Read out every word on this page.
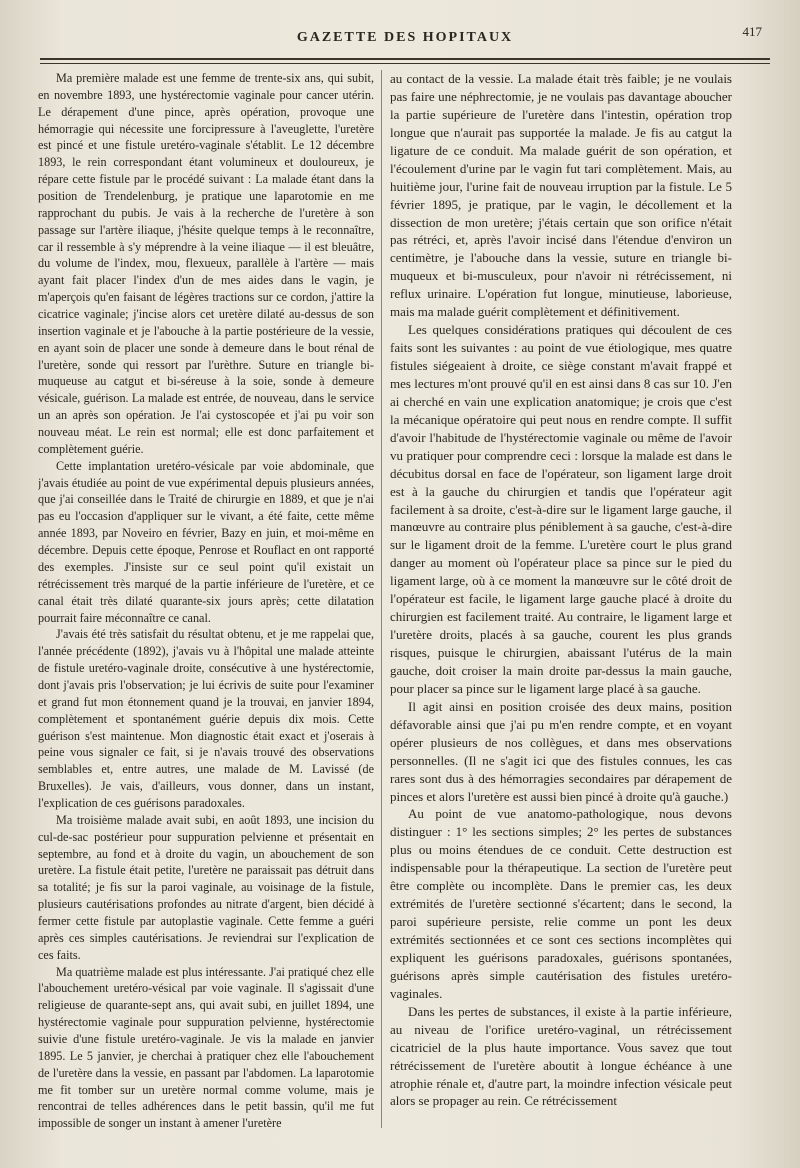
GAZETTE DES HOPITAUX	417

Ma première malade est une femme de trente-six ans, qui subit, en novembre 1893, une hystérectomie vaginale pour cancer utérin. Le dérapement d'une pince, après opération, provoque une hémorragie qui nécessite une forcipressure à l'aveuglette, l'uretère est pincé et une fistule uretéro-vaginale s'établit. Le 12 décembre 1893, le rein correspondant étant volumineux et douloureux, je répare cette fistule par le procédé suivant : La malade étant dans la position de Trendelenburg, je pratique une laparotomie en me rapprochant du pubis. Je vais à la recherche de l'uretère à son passage sur l'artère iliaque, j'hésite quelque temps à le reconnaître, car il ressemble à s'y méprendre à la veine iliaque — il est bleuâtre, du volume de l'index, mou, flexueux, parallèle à l'artère — mais ayant fait placer l'index d'un de mes aides dans le vagin, je m'aperçois qu'en faisant de légères tractions sur ce cordon, j'attire la cicatrice vaginale; j'incise alors cet uretère dilaté au-dessus de son insertion vaginale et je l'abouche à la partie postérieure de la vessie, en ayant soin de placer une sonde à demeure dans le bout rénal de l'uretère, sonde qui ressort par l'urèthre. Suture en triangle bi-muqueuse au catgut et bi-séreuse à la soie, sonde à demeure vésicale, guérison. La malade est entrée, de nouveau, dans le service un an après son opération. Je l'ai cystoscopée et j'ai pu voir son nouveau méat. Le rein est normal; elle est donc parfaitement et complètement guérie.

Cette implantation uretéro-vésicale par voie abdominale, que j'avais étudiée au point de vue expérimental depuis plusieurs années, que j'ai conseillée dans le Traité de chirurgie en 1889, et que je n'ai pas eu l'occasion d'appliquer sur le vivant, a été faite, cette même année 1893, par Noveiro en février, Bazy en juin, et moi-même en décembre. Depuis cette époque, Penrose et Rouflact en ont rapporté des exemples. J'insiste sur ce seul point qu'il existait un rétrécissement très marqué de la partie inférieure de l'uretère, et ce canal était très dilaté quarante-six jours après; cette dilatation pourrait faire méconnaître ce canal.

J'avais été très satisfait du résultat obtenu, et je me rappelai que, l'année précédente (1892), j'avais vu à l'hôpital une malade atteinte de fistule uretéro-vaginale droite, consécutive à une hystérectomie, dont j'avais pris l'observation; je lui écrivis de suite pour l'examiner et grand fut mon étonnement quand je la trouvai, en janvier 1894, complètement et spontanément guérie depuis dix mois. Cette guérison s'est maintenue. Mon diagnostic était exact et j'oserais à peine vous signaler ce fait, si je n'avais trouvé des observations semblables et, entre autres, une malade de M. Lavissé (de Bruxelles). Je vais, d'ailleurs, vous donner, dans un instant, l'explication de ces guérisons paradoxales.

Ma troisième malade avait subi, en août 1893, une incision du cul-de-sac postérieur pour suppuration pelvienne et présentait en septembre, au fond et à droite du vagin, un abouchement de son uretère. La fistule était petite, l'uretère ne paraissait pas détruit dans sa totalité; je fis sur la paroi vaginale, au voisinage de la fistule, plusieurs cautérisations profondes au nitrate d'argent, bien décidé à fermer cette fistule par autoplastie vaginale. Cette femme a guéri après ces simples cautérisations. Je reviendrai sur l'explication de ces faits.

Ma quatrième malade est plus intéressante. J'ai pratiqué chez elle l'abouchement uretéro-vésical par voie vaginale. Il s'agissait d'une religieuse de quarante-sept ans, qui avait subi, en juillet 1894, une hystérectomie vaginale pour suppuration pelvienne, hystérectomie suivie d'une fistule uretéro-vaginale. Je vis la malade en janvier 1895. Le 5 janvier, je cherchai à pratiquer chez elle l'abouchement de l'uretère dans la vessie, en passant par l'abdomen. La laparotomie me fit tomber sur un uretère normal comme volume, mais je rencontrai de telles adhérences dans le petit bassin, qu'il me fut impossible de songer un instant à amener l'uretère

au contact de la vessie. La malade était très faible; je ne voulais pas faire une néphrectomie, je ne voulais pas davantage aboucher la partie supérieure de l'uretère dans l'intestin, opération trop longue que n'aurait pas supportée la malade. Je fis au catgut la ligature de ce conduit. Ma malade guérit de son opération, et l'écoulement d'urine par le vagin fut tari complètement. Mais, au huitième jour, l'urine fait de nouveau irruption par la fistule. Le 5 février 1895, je pratique, par le vagin, le décollement et la dissection de mon uretère; j'étais certain que son orifice n'était pas rétréci, et, après l'avoir incisé dans l'étendue d'environ un centimètre, je l'abouche dans la vessie, suture en triangle bi-muqueux et bi-musculeux, pour n'avoir ni rétrécissement, ni reflux urinaire. L'opération fut longue, minutieuse, laborieuse, mais ma malade guérit complètement et définitivement.

Les quelques considérations pratiques qui découlent de ces faits sont les suivantes : au point de vue étiologique, mes quatre fistules siégeaient à droite, ce siège constant m'avait frappé et mes lectures m'ont prouvé qu'il en est ainsi dans 8 cas sur 10. J'en ai cherché en vain une explication anatomique; je crois que c'est la mécanique opératoire qui peut nous en rendre compte. Il suffit d'avoir l'habitude de l'hystérectomie vaginale ou même de l'avoir vu pratiquer pour comprendre ceci : lorsque la malade est dans le décubitus dorsal en face de l'opérateur, son ligament large droit est à la gauche du chirurgien et tandis que l'opérateur agit facilement à sa droite, c'est-à-dire sur le ligament large gauche, il manœuvre au contraire plus péniblement à sa gauche, c'est-à-dire sur le ligament droit de la femme. L'uretère court le plus grand danger au moment où l'opérateur place sa pince sur le pied du ligament large, où à ce moment la manœuvre sur le côté droit de l'opérateur est facile, le ligament large gauche placé à droite du chirurgien est facilement traité. Au contraire, le ligament large et l'uretère droits, placés à sa gauche, courent les plus grands risques, puisque le chirurgien, abaissant l'utérus de la main gauche, doit croiser la main droite par-dessus la main gauche, pour placer sa pince sur le ligament large placé à sa gauche.

Il agit ainsi en position croisée des deux mains, position défavorable ainsi que j'ai pu m'en rendre compte, et en voyant opérer plusieurs de nos collègues, et dans mes observations personnelles. (Il ne s'agit ici que des fistules connues, les cas rares sont dus à des hémorragies secondaires par dérapement de pinces et alors l'uretère est aussi bien pincé à droite qu'à gauche.)

Au point de vue anatomo-pathologique, nous devons distinguer : 1° les sections simples; 2° les pertes de substances plus ou moins étendues de ce conduit. Cette destruction est indispensable pour la thérapeutique. La section de l'uretère peut être complète ou incomplète. Dans le premier cas, les deux extrémités de l'uretère sectionné s'écartent; dans le second, la paroi supérieure persiste, relie comme un pont les deux extrémités sectionnées et ce sont ces sections incomplètes qui expliquent les guérisons paradoxales, guérisons spontanées, guérisons après simple cautérisation des fistules uretéro-vaginales.

Dans les pertes de substances, il existe à la partie inférieure, au niveau de l'orifice uretéro-vaginal, un rétrécissement cicatriciel de la plus haute importance. Vous savez que tout rétrécissement de l'uretère aboutit à longue échéance à une atrophie rénale et, d'autre part, la moindre infection vésicale peut alors se propager au rein. Ce rétrécissement
